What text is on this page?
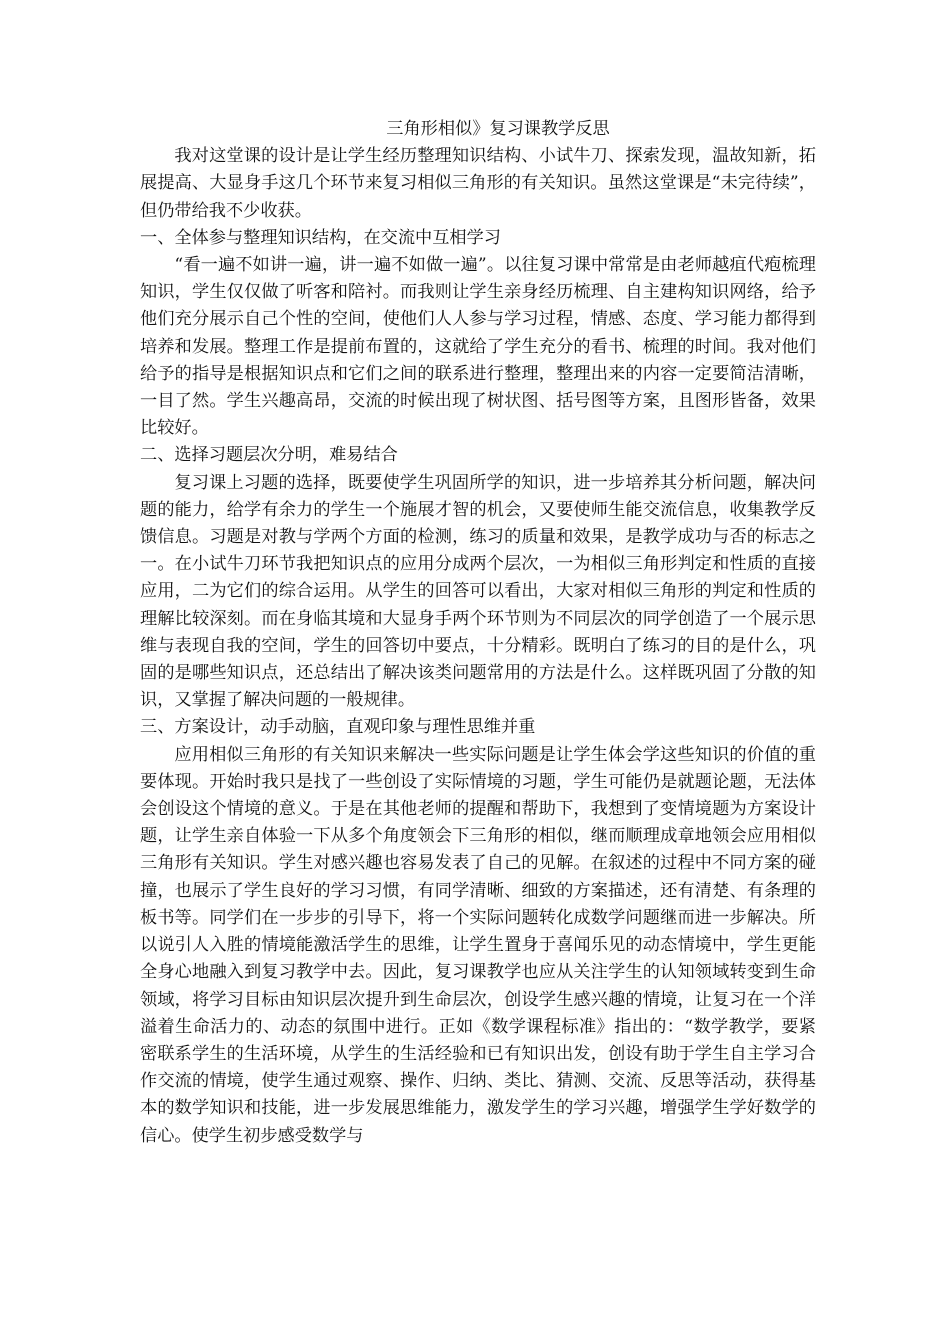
三角形相似》复习课教学反思

我对这堂课的设计是让学生经历整理知识结构、小试牛刀、探索发现，温故知新，拓展提高、大显身手这几个环节来复习相似三角形的有关知识。虽然这堂课是“未完待续”，但仍带给我不少收获。

一、全体参与整理知识结构，在交流中互相学习

“看一遍不如讲一遍，讲一遍不如做一遍”。以往复习课中常常是由老师越疽代疱梳理知识，学生仅仅做了听客和陪衬。而我则让学生亲身经历梳理、自主建构知识网络，给予他们充分展示自己个性的空间，使他们人人参与学习过程，情感、态度、学习能力都得到培养和发展。整理工作是提前布置的，这就给了学生充分的看书、梳理的时间。我对他们给予的指导是根据知识点和它们之间的联系进行整理，整理出来的内容一定要简洁清晰，一目了然。学生兴趣高昂，交流的时候出现了树状图、括号图等方案，且图形皆备，效果比较好。

二、选择习题层次分明，难易结合

复习课上习题的选择，既要使学生巩固所学的知识，进一步培养其分析问题，解决问题的能力，给学有余力的学生一个施展才智的机会，又要使师生能交流信息，收集教学反馈信息。习题是对教与学两个方面的检测，练习的质量和效果，是教学成功与否的标志之一。在小试牛刀环节我把知识点的应用分成两个层次，一为相似三角形判定和性质的直接应用，二为它们的综合运用。从学生的回答可以看出，大家对相似三角形的判定和性质的理解比较深刻。而在身临其境和大显身手两个环节则为不同层次的同学创造了一个展示思维与表现自我的空间，学生的回答切中要点，十分精彩。既明白了练习的目的是什么，巩固的是哪些知识点，还总结出了解决该类问题常用的方法是什么。这样既巩固了分散的知识，又掌握了解决问题的一般规律。

三、方案设计，动手动脑，直观印象与理性思维并重

应用相似三角形的有关知识来解决一些实际问题是让学生体会学这些知识的价值的重要体现。开始时我只是找了一些创设了实际情境的习题，学生可能仍是就题论题，无法体会创设这个情境的意义。于是在其他老师的提醒和帮助下，我想到了变情境题为方案设计题，让学生亲自体验一下从多个角度领会下三角形的相似，继而顺理成章地领会应用相似三角形有关知识。学生对感兴趣也容易发表了自己的见解。在叙述的过程中不同方案的碰撞，也展示了学生良好的学习习惯，有同学清晰、细致的方案描述，还有清楚、有条理的板书等。同学们在一步步的引导下，将一个实际问题转化成数学问题继而进一步解决。所以说引人入胜的情境能激活学生的思维，让学生置身于喜闻乐见的动态情境中，学生更能全身心地融入到复习教学中去。因此，复习课教学也应从关注学生的认知领域转变到生命领域，将学习目标由知识层次提升到生命层次，创设学生感兴趣的情境，让复习在一个洋溢着生命活力的、动态的氛围中进行。正如《数学课程标准》指出的：“数学教学，要紧密联系学生的生活环境，从学生的生活经验和已有知识出发，创设有助于学生自主学习合作交流的情境，使学生通过观察、操作、归纳、类比、猜测、交流、反思等活动，获得基本的数学知识和技能，进一步发展思维能力，激发学生的学习兴趣，增强学生学好数学的信心。使学生初步感受数学与
